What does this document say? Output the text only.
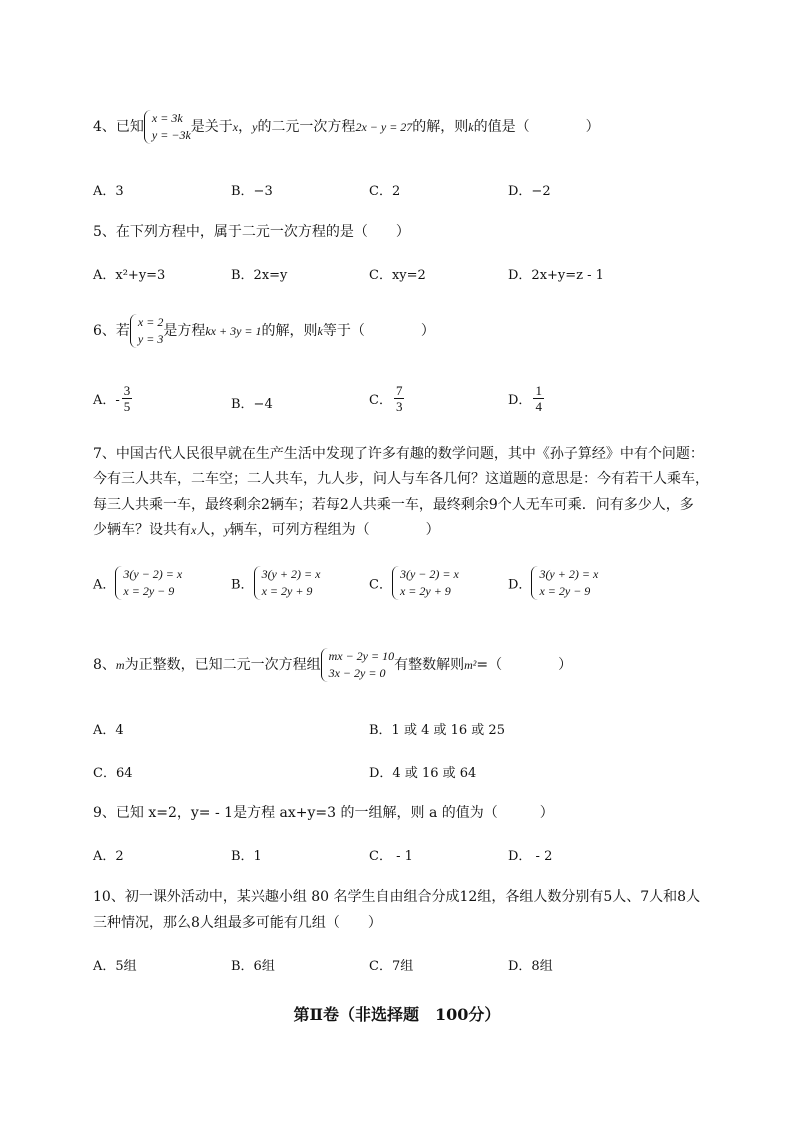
4、已知
x = 3k
y = −3k 是关于x，y的二元一次方程2x − y = 27的解，则k的值是（　　　　）
A．3	B．−3	C．2	D．−2
5、在下列方程中，属于二元一次方程的是（　　）
A．x²+y=3	B．2x=y	C．xy=2	D．2x+y=z - 1
6、若
x = 2
y = 3 是方程kx + 3y = 1的解，则k等于（　　　　）
A．- $\frac{3}{5}$	B．−4	C． $\frac{7}{3}$	D． $\frac{1}{4}$
7、中国古代人民很早就在生产生活中发现了许多有趣的数学问题，其中《孙子算经》中有个问题：
今有三人共车，二车空；二人共车，九人步，问人与车各几何？这道题的意思是：今有若干人乘车，
每三人共乘一车，最终剩余2辆车；若每2人共乘一车，最终剩余9个人无车可乘．问有多少人，多
少辆车？设共有x人，y辆车，可列方程组为（　　　　）
A．
3(y − 2) = x
x = 2y − 9	B．
3(y + 2) = x
x = 2y + 9	C．
3(y − 2) = x
x = 2y + 9	D．
3(y + 2) = x
x = 2y − 9
8、m为正整数，已知二元一次方程组
mx − 2y = 10
3x − 2y = 0 有整数解则m²=（　　　　）
A．4	B．1 或 4 或 16 或 25
C．64	D．4 或 16 或 64
9、已知 x=2，y= - 1是方程 ax+y=3 的一组解，则 a 的值为（　　　）
A．2	B．1	C． - 1	D． - 2
10、初一课外活动中，某兴趣小组 80 名学生自由组合分成12组，各组人数分别有5人、7人和8人
三种情况，那么8人组最多可能有几组（　　）
A．5组	B．6组	C．7组	D．8组
第Ⅱ卷（非选择题　100分）
